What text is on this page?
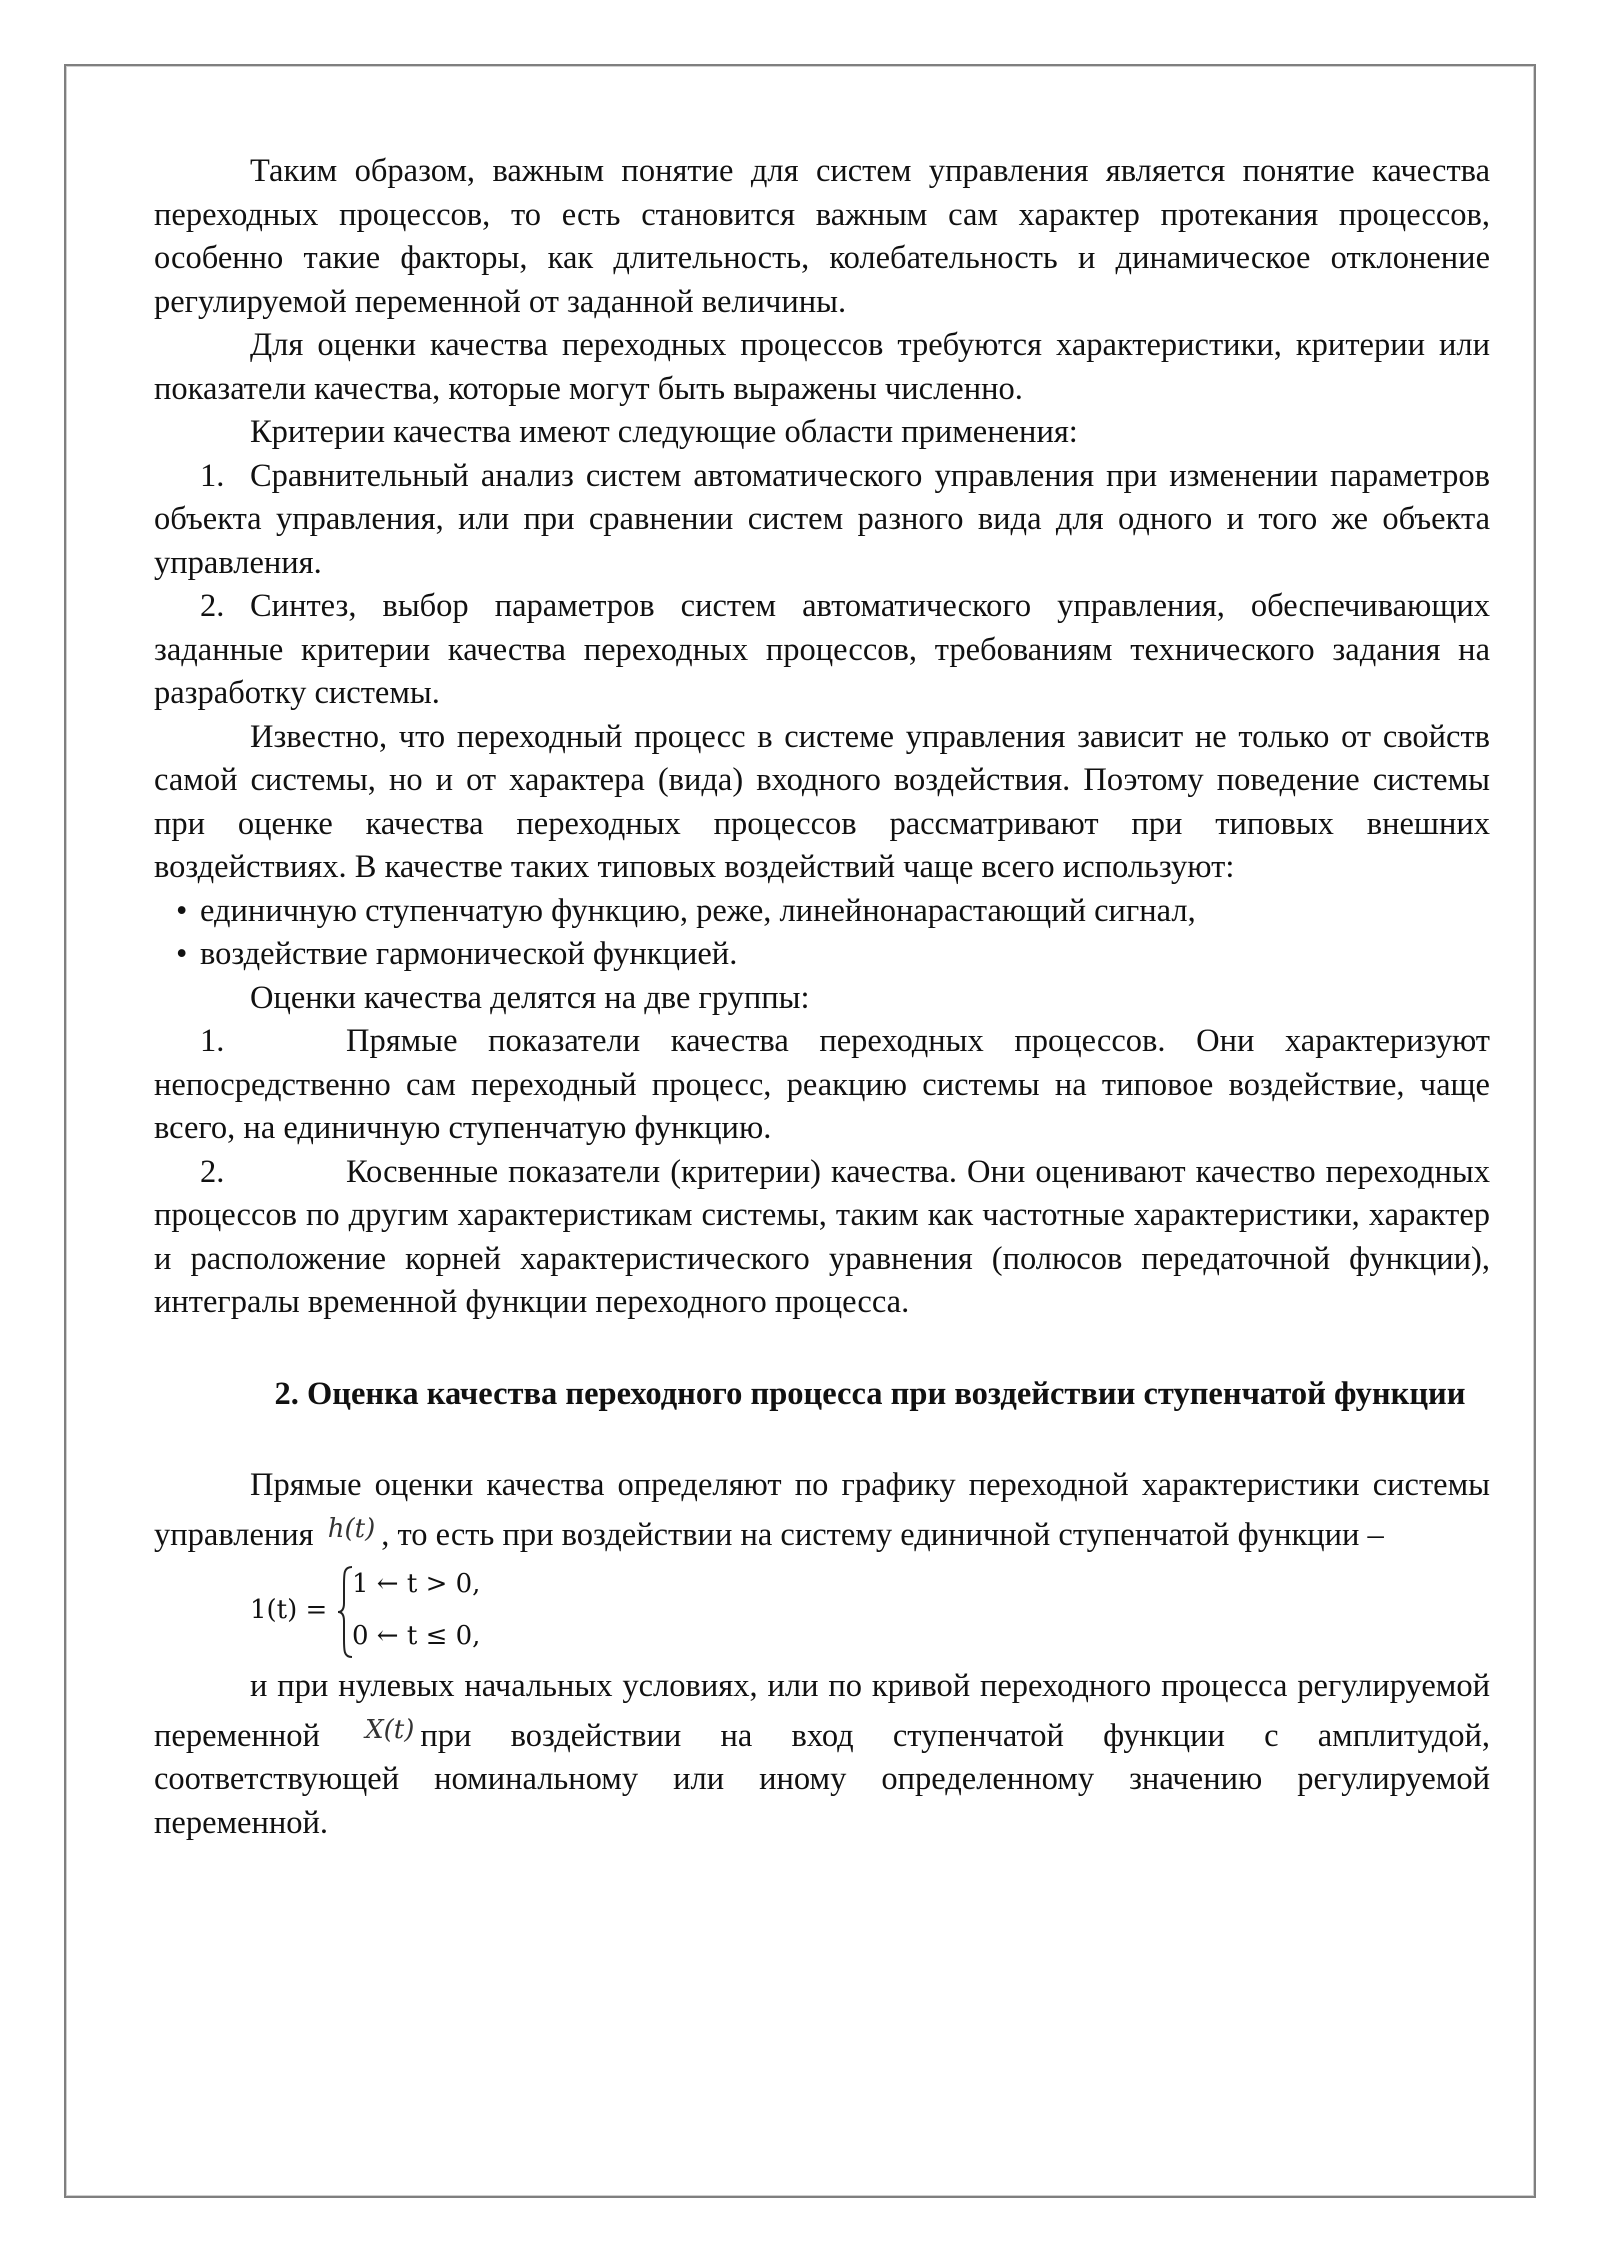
Таким образом, важным понятие для систем управления является понятие качества переходных процессов, то есть становится важным сам характер протекания процессов, особенно такие факторы, как длительность, колебательность и динамическое отклонение регулируемой переменной от заданной величины.

Для оценки качества переходных процессов требуются характеристики, критерии или показатели качества, которые могут быть выражены численно.

Критерии качества имеют следующие области применения:

1. Сравнительный анализ систем автоматического управления при изменении параметров объекта управления, или при сравнении систем разного вида для одного и того же объекта управления.

2. Синтез, выбор параметров систем автоматического управления, обеспечивающих заданные критерии качества переходных процессов, требованиям технического задания на разработку системы.

Известно, что переходный процесс в системе управления зависит не только от свойств самой системы, но и от характера (вида) входного воздействия. Поэтому поведение системы при оценке качества переходных процессов рассматривают при типовых внешних воздействиях. В качестве таких типовых воздействий чаще всего используют:

• единичную ступенчатую функцию, реже, линейнонарастающий сигнал,

• воздействие гармонической функцией.

Оценки качества делятся на две группы:

1.	Прямые показатели качества переходных процессов. Они характеризуют непосредственно сам переходный процесс, реакцию системы на типовое воздействие, чаще всего, на единичную ступенчатую функцию.

2.	Косвенные показатели (критерии) качества. Они оценивают качество переходных процессов по другим характеристикам системы, таким как частотные характеристики, характер и расположение корней характеристического уравнения (полюсов передаточной функции), интегралы временной функции переходного процесса.

2. Оценка качества переходного процесса при воздействии ступенчатой функции

Прямые оценки качества определяют по графику переходной характеристики системы управления $^{h(t)}$ , то есть при воздействии на систему единичной ступенчатой функции –

1(t) =
1 ← t > 0,
0 ← t ≤ 0,

и при нулевых начальных условиях, или по кривой переходного процесса регулируемой переменной $^{X(t)}$ при воздействии на вход ступенчатой функции с амплитудой, соответствующей номинальному или иному определенному значению регулируемой переменной.
